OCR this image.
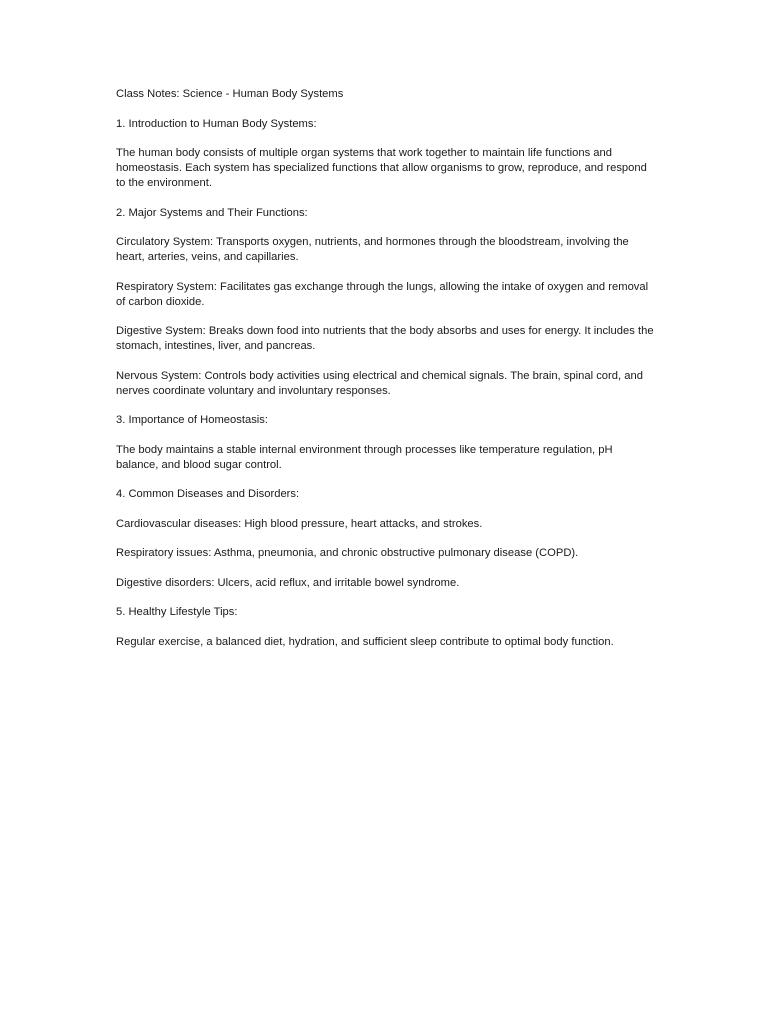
Class Notes: Science - Human Body Systems
1. Introduction to Human Body Systems:
The human body consists of multiple organ systems that work together to maintain life functions and homeostasis. Each system has specialized functions that allow organisms to grow, reproduce, and respond to the environment.
2. Major Systems and Their Functions:
Circulatory System: Transports oxygen, nutrients, and hormones through the bloodstream, involving the heart, arteries, veins, and capillaries.
Respiratory System: Facilitates gas exchange through the lungs, allowing the intake of oxygen and removal of carbon dioxide.
Digestive System: Breaks down food into nutrients that the body absorbs and uses for energy. It includes the stomach, intestines, liver, and pancreas.
Nervous System: Controls body activities using electrical and chemical signals. The brain, spinal cord, and nerves coordinate voluntary and involuntary responses.
3. Importance of Homeostasis:
The body maintains a stable internal environment through processes like temperature regulation, pH balance, and blood sugar control.
4. Common Diseases and Disorders:
Cardiovascular diseases: High blood pressure, heart attacks, and strokes.
Respiratory issues: Asthma, pneumonia, and chronic obstructive pulmonary disease (COPD).
Digestive disorders: Ulcers, acid reflux, and irritable bowel syndrome.
5. Healthy Lifestyle Tips:
Regular exercise, a balanced diet, hydration, and sufficient sleep contribute to optimal body function.
